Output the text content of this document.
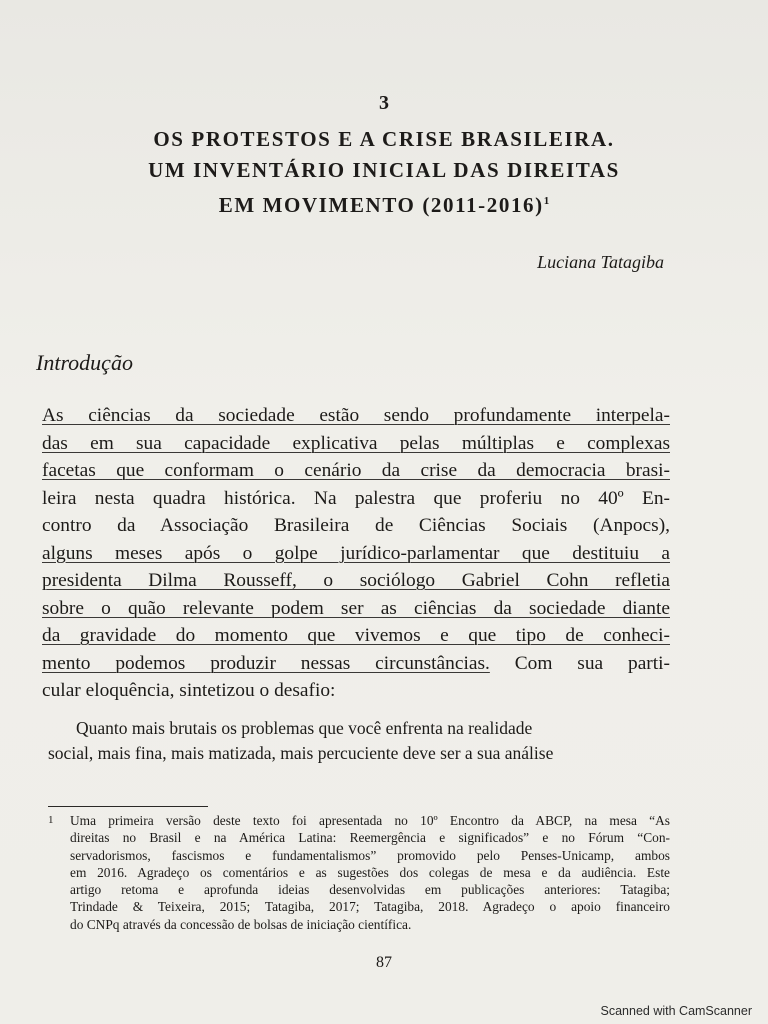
3
OS PROTESTOS E A CRISE BRASILEIRA.
UM INVENTÁRIO INICIAL DAS DIREITAS
EM MOVIMENTO (2011-2016)$^1$
Luciana Tatagiba
Introdução
As ciências da sociedade estão sendo profundamente interpela-
das em sua capacidade explicativa pelas múltiplas e complexas
facetas que conformam o cenário da crise da democracia brasi-
leira nesta quadra histórica. Na palestra que proferiu no 40º En-
contro da Associação Brasileira de Ciências Sociais (Anpocs),
alguns meses após o golpe jurídico-parlamentar que destituiu a
presidenta Dilma Rousseff, o sociólogo Gabriel Cohn refletia
sobre o quão relevante podem ser as ciências da sociedade diante
da gravidade do momento que vivemos e que tipo de conheci-
mento podemos produzir nessas circunstâncias. Com sua parti-
cular eloquência, sintetizou o desafio:
Quanto mais brutais os problemas que você enfrenta na realidade
social, mais fina, mais matizada, mais percuciente deve ser a sua análise
1 Uma primeira versão deste texto foi apresentada no 10º Encontro da ABCP, na mesa “As
direitas no Brasil e na América Latina: Reemergência e significados” e no Fórum “Con-
servadorismos, fascismos e fundamentalismos” promovido pelo Penses-Unicamp, ambos
em 2016. Agradeço os comentários e as sugestões dos colegas de mesa e da audiência. Este
artigo retoma e aprofunda ideias desenvolvidas em publicações anteriores: Tatagiba;
Trindade & Teixeira, 2015; Tatagiba, 2017; Tatagiba, 2018. Agradeço o apoio financeiro
do CNPq através da concessão de bolsas de iniciação científica.
87
Scanned with CamScanner
